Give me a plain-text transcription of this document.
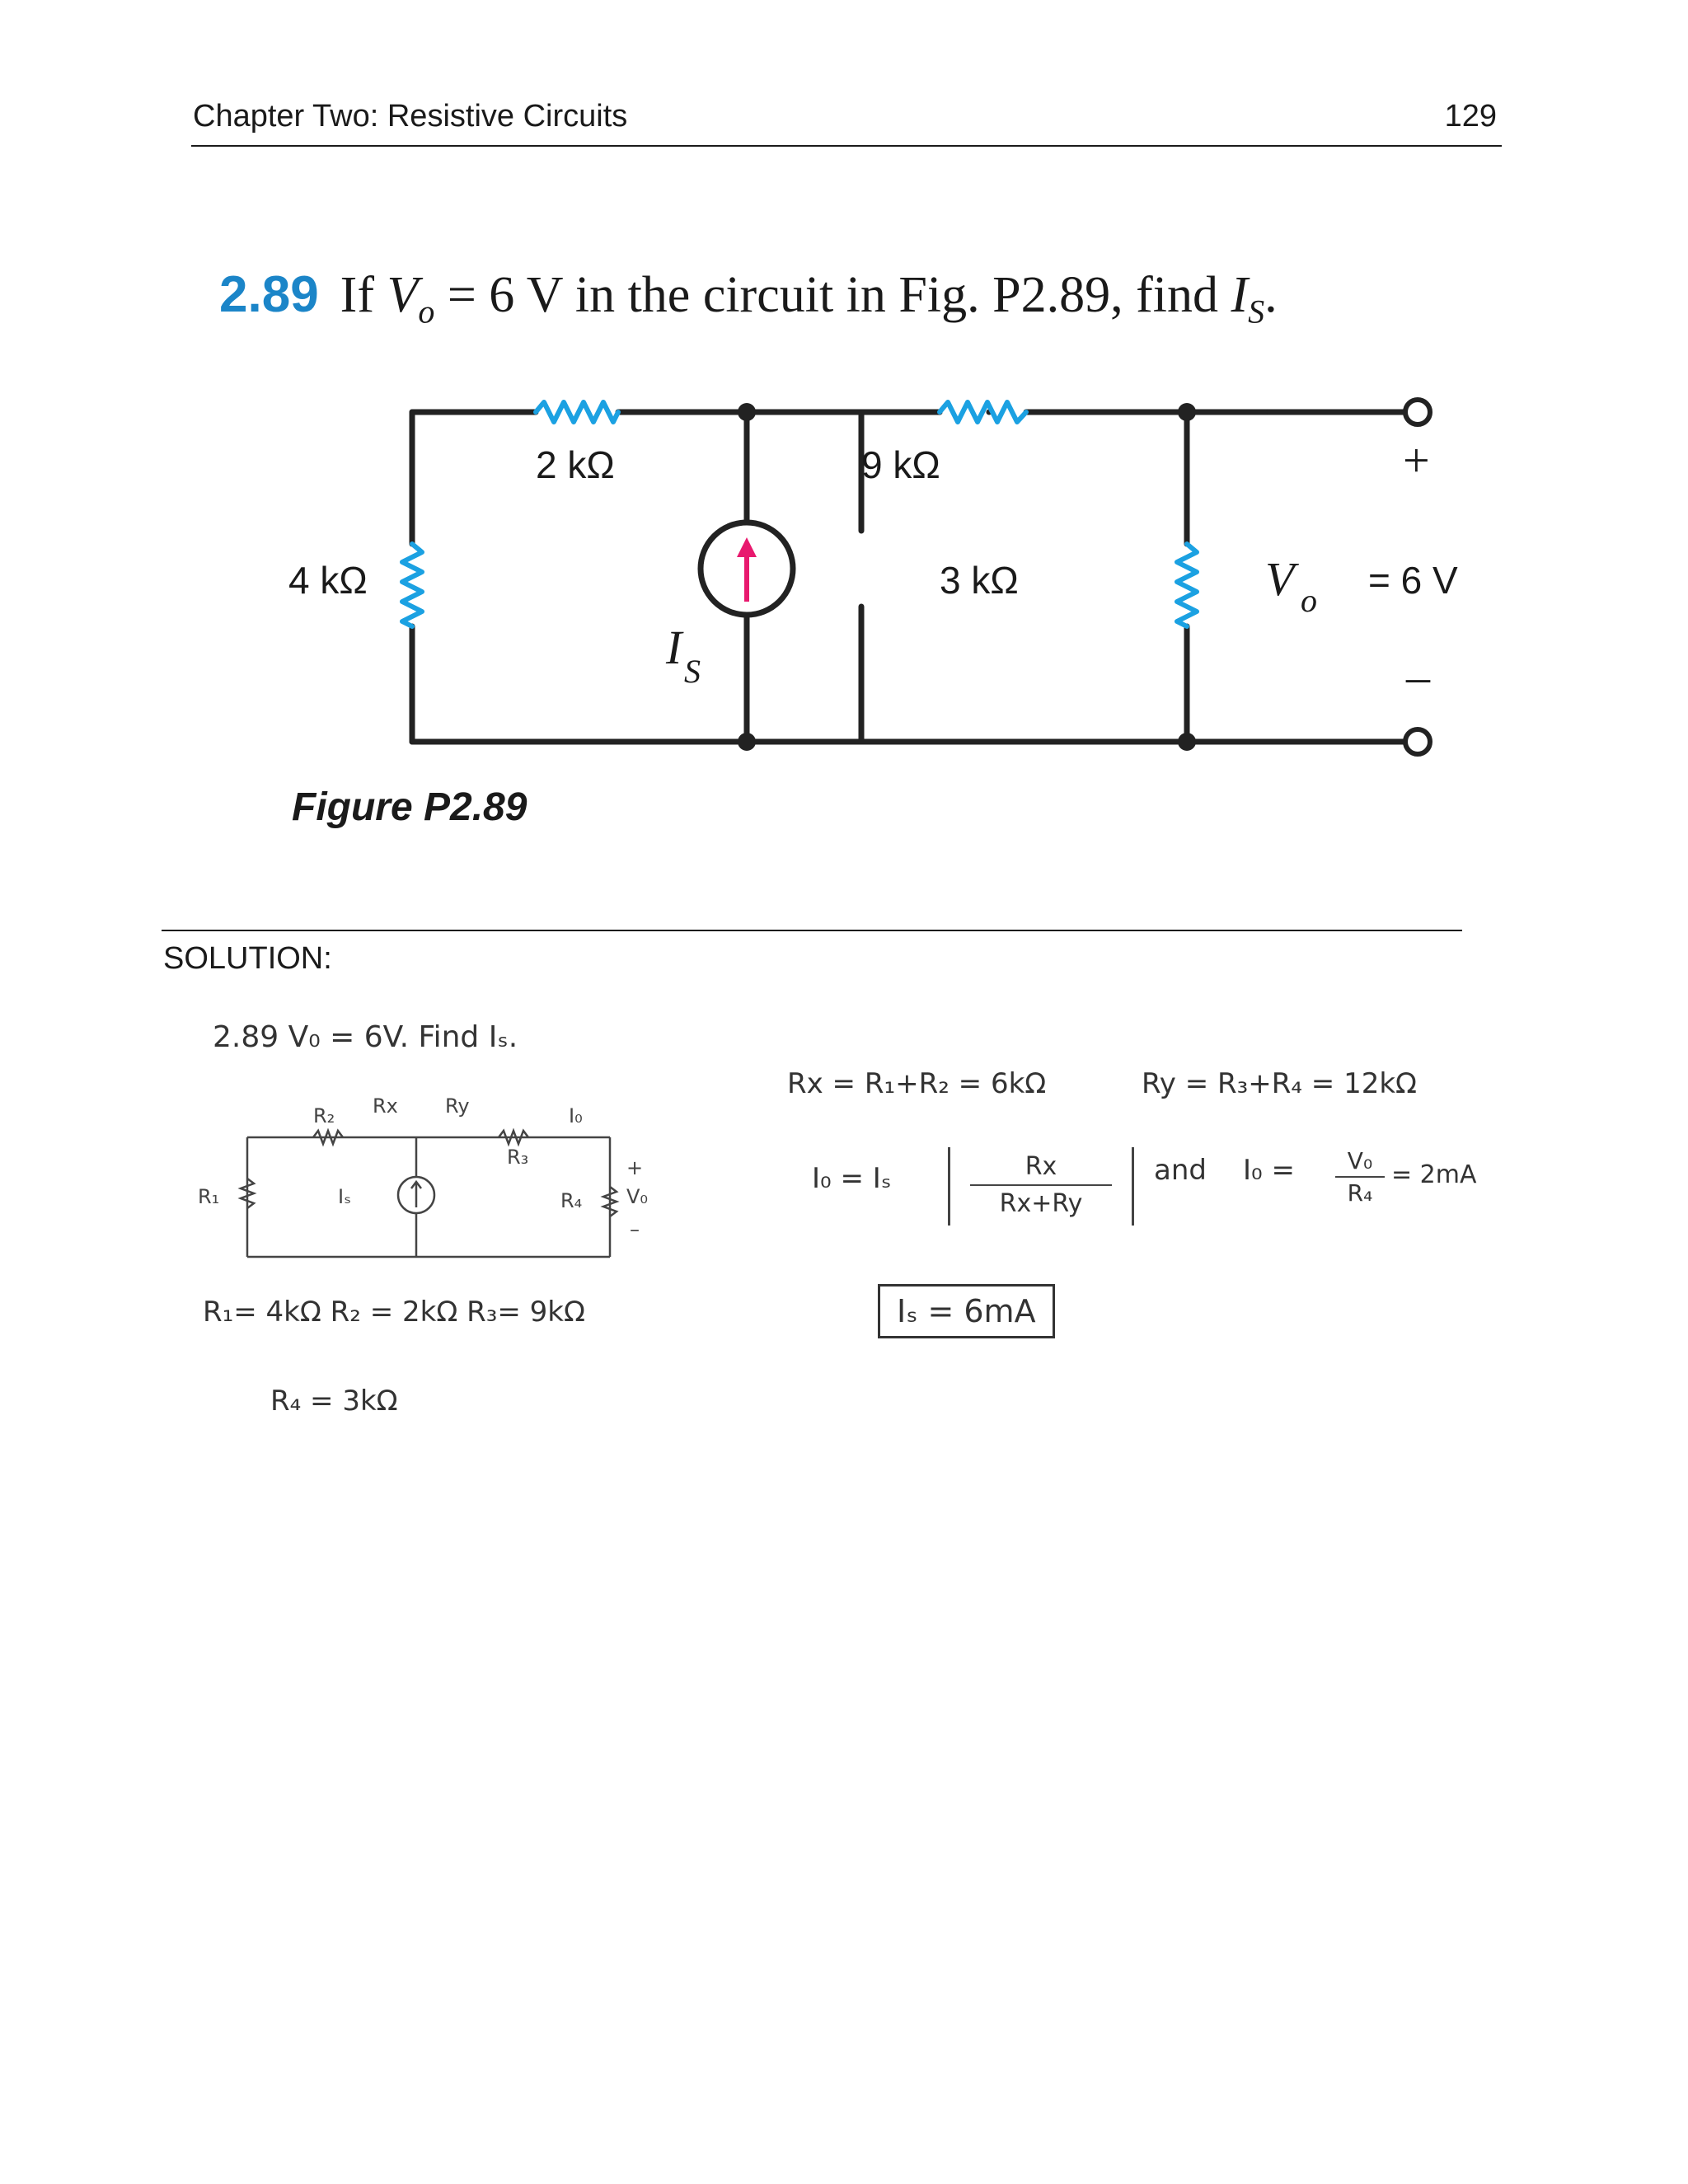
Chapter Two: Resistive Circuits	129
2.89 If $V_o = 6$ V in the circuit in Fig. P2.89, find $I_S$.
2 kΩ	9 kΩ
4 kΩ	3 kΩ	= 6 V
+
–
V o
I S
Figure P2.89
SOLUTION:
2.89 V₀ = 6V. Find Iₛ.
R₂ Rx Ry	I₀
R₃
R₁	Iₛ	R₄
+
V₀
–
R₁= 4kΩ R₂ = 2kΩ R₃= 9kΩ
R₄ = 3kΩ
Rx = R₁+R₂ = 6kΩ	Ry = R₃+R₄ = 12kΩ
I₀ = Iₛ	Rx
Rx+Ry
and I₀ =	V₀
R₄
= 2mA
Iₛ = 6mA
